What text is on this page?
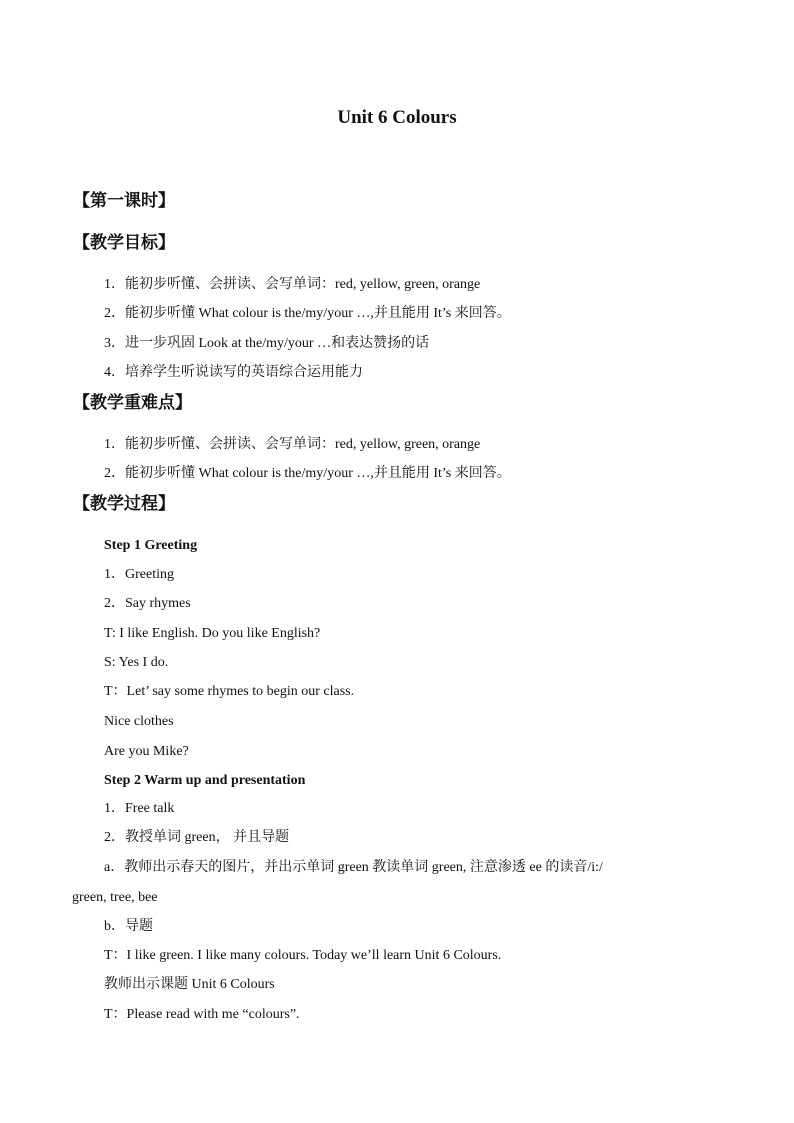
Unit 6 Colours
【第一课时】
【教学目标】
1．能初步听懂、会拼读、会写单词：red, yellow, green, orange
2．能初步听懂 What colour is the/my/your …,并且能用 It’s 来回答。
3．进一步巩固 Look at the/my/your …和表达赞扬的话
4．培养学生听说读写的英语综合运用能力
【教学重难点】
1．能初步听懂、会拼读、会写单词：red, yellow, green, orange
2．能初步听懂 What colour is the/my/your …,并且能用 It’s 来回答。
【教学过程】
Step 1 Greeting
1．Greeting
2．Say rhymes
T: I like English. Do you like English?
S: Yes I do.
T：Let’ say some rhymes to begin our class.
Nice clothes
Are you Mike?
Step 2 Warm up and presentation
1．Free talk
2．教授单词 green， 并且导题
a．教师出示春天的图片，并出示单词 green 教读单词 green, 注意渗透 ee 的读音/i:/
green, tree, bee
b．导题
T：I like green. I like many colours. Today we’ll learn Unit 6 Colours.
教师出示课题 Unit 6 Colours
T：Please read with me “colours”.
